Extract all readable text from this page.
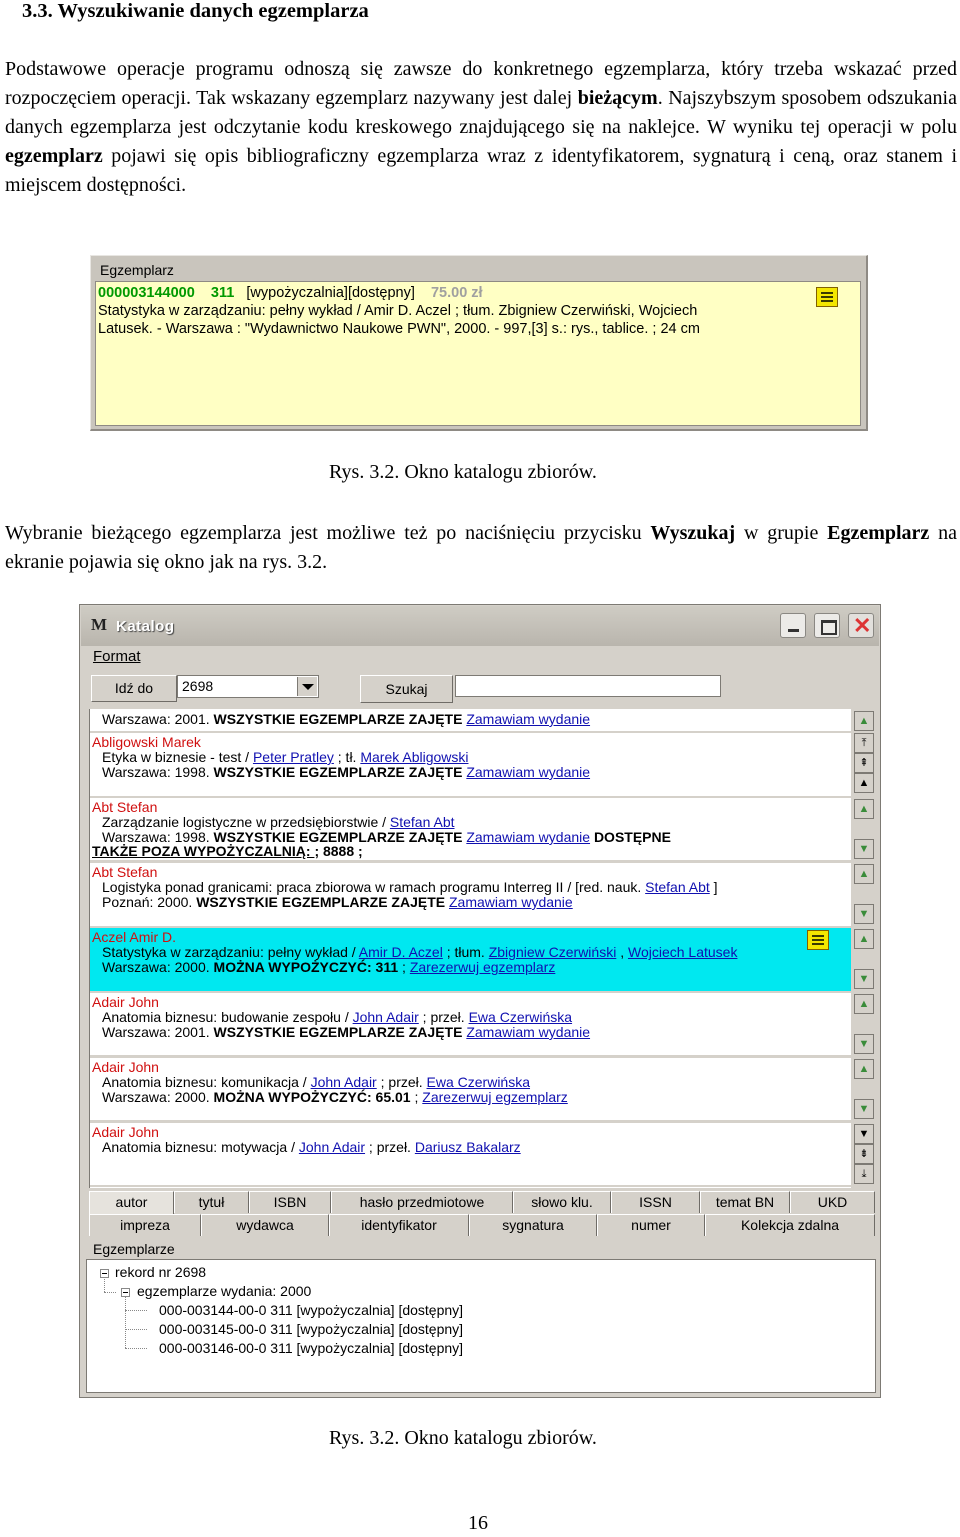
3.3. Wyszukiwanie danych egzemplarza
Podstawowe operacje programu odnoszą się zawsze do konkretnego egzemplarza, który trzeba wskazać przed rozpoczęciem operacji. Tak wskazany egzemplarz nazywany jest dalej bieżącym. Najszybszym sposobem odszukania danych egzemplarza jest odczytanie kodu kreskowego znajdującego się na naklejce. W wyniku tej operacji w polu egzemplarz pojawi się opis bibliograficzny egzemplarza wraz z identyfikatorem, sygnaturą i ceną, oraz stanem i miejscem dostępności.
Egzemplarz
000003144000 311 [wypożyczalnia][dostępny] 75.00 zł
Statystyka w zarządzaniu: pełny wykład / Amir D. Aczel ; tłum. Zbigniew Czerwiński, Wojciech
Latusek. - Warszawa : "Wydawnictwo Naukowe PWN", 2000. - 997,[3] s.: rys., tablice. ; 24 cm
Rys. 3.2. Okno katalogu zbiorów.
Wybranie bieżącego egzemplarza jest możliwe też po naciśnięciu przycisku Wyszukaj w grupie Egzemplarz na ekranie pojawia się okno jak na rys. 3.2.
M Katalog	✕
Format
Idź do	2698	Szukaj
Warszawa: 2001. WSZYSTKIE EGZEMPLARZE ZAJĘTE Zamawiam wydanie
Abligowski Marek
Etyka w biznesie - test / Peter Pratley ; tł. Marek Abligowski
Warszawa: 1998. WSZYSTKIE EGZEMPLARZE ZAJĘTE Zamawiam wydanie
Abt Stefan
Zarządzanie logistyczne w przedsiębiorstwie / Stefan Abt
Warszawa: 1998. WSZYSTKIE EGZEMPLARZE ZAJĘTE Zamawiam wydanie DOSTĘPNE
TAKŻE POZA WYPOŻYCZALNIĄ: ; 8888 ;
Abt Stefan
Logistyka ponad granicami: praca zbiorowa w ramach programu Interreg II / [red. nauk. Stefan Abt ]
Poznań: 2000. WSZYSTKIE EGZEMPLARZE ZAJĘTE Zamawiam wydanie
Aczel Amir D.
Statystyka w zarządzaniu: pełny wykład / Amir D. Aczel ; tłum. Zbigniew Czerwiński , Wojciech Latusek
Warszawa: 2000. MOŻNA WYPOŻYCZYĆ: 311 ; Zarezerwuj egzemplarz
Adair John
Anatomia biznesu: budowanie zespołu / John Adair ; przeł. Ewa Czerwińska
Warszawa: 2001. WSZYSTKIE EGZEMPLARZE ZAJĘTE Zamawiam wydanie
Adair John
Anatomia biznesu: komunikacja / John Adair ; przeł. Ewa Czerwińska
Warszawa: 2000. MOŻNA WYPOŻYCZYĆ: 65.01 ; Zarezerwuj egzemplarz
Adair John
Anatomia biznesu: motywacja / John Adair ; przeł. Dariusz Bakalarz
▲
⤒
⇞
▲
▲
▼
▲
▼
▲
▼
▲
▼
▲
▼
▼
⇟
⤓
autor	tytuł	ISBN	hasło przedmiotowe	słowo klu.	ISSN	temat BN	UKD
impreza	wydawca	identyfikator	sygnatura	numer	Kolekcja zdalna
Egzemplarze
rekord nr 2698
egzemplarze wydania: 2000
000-003144-00-0 311 [wypożyczalnia] [dostępny]
000-003145-00-0 311 [wypożyczalnia] [dostępny]
000-003146-00-0 311 [wypożyczalnia] [dostępny]
Rys. 3.2. Okno katalogu zbiorów.
16
